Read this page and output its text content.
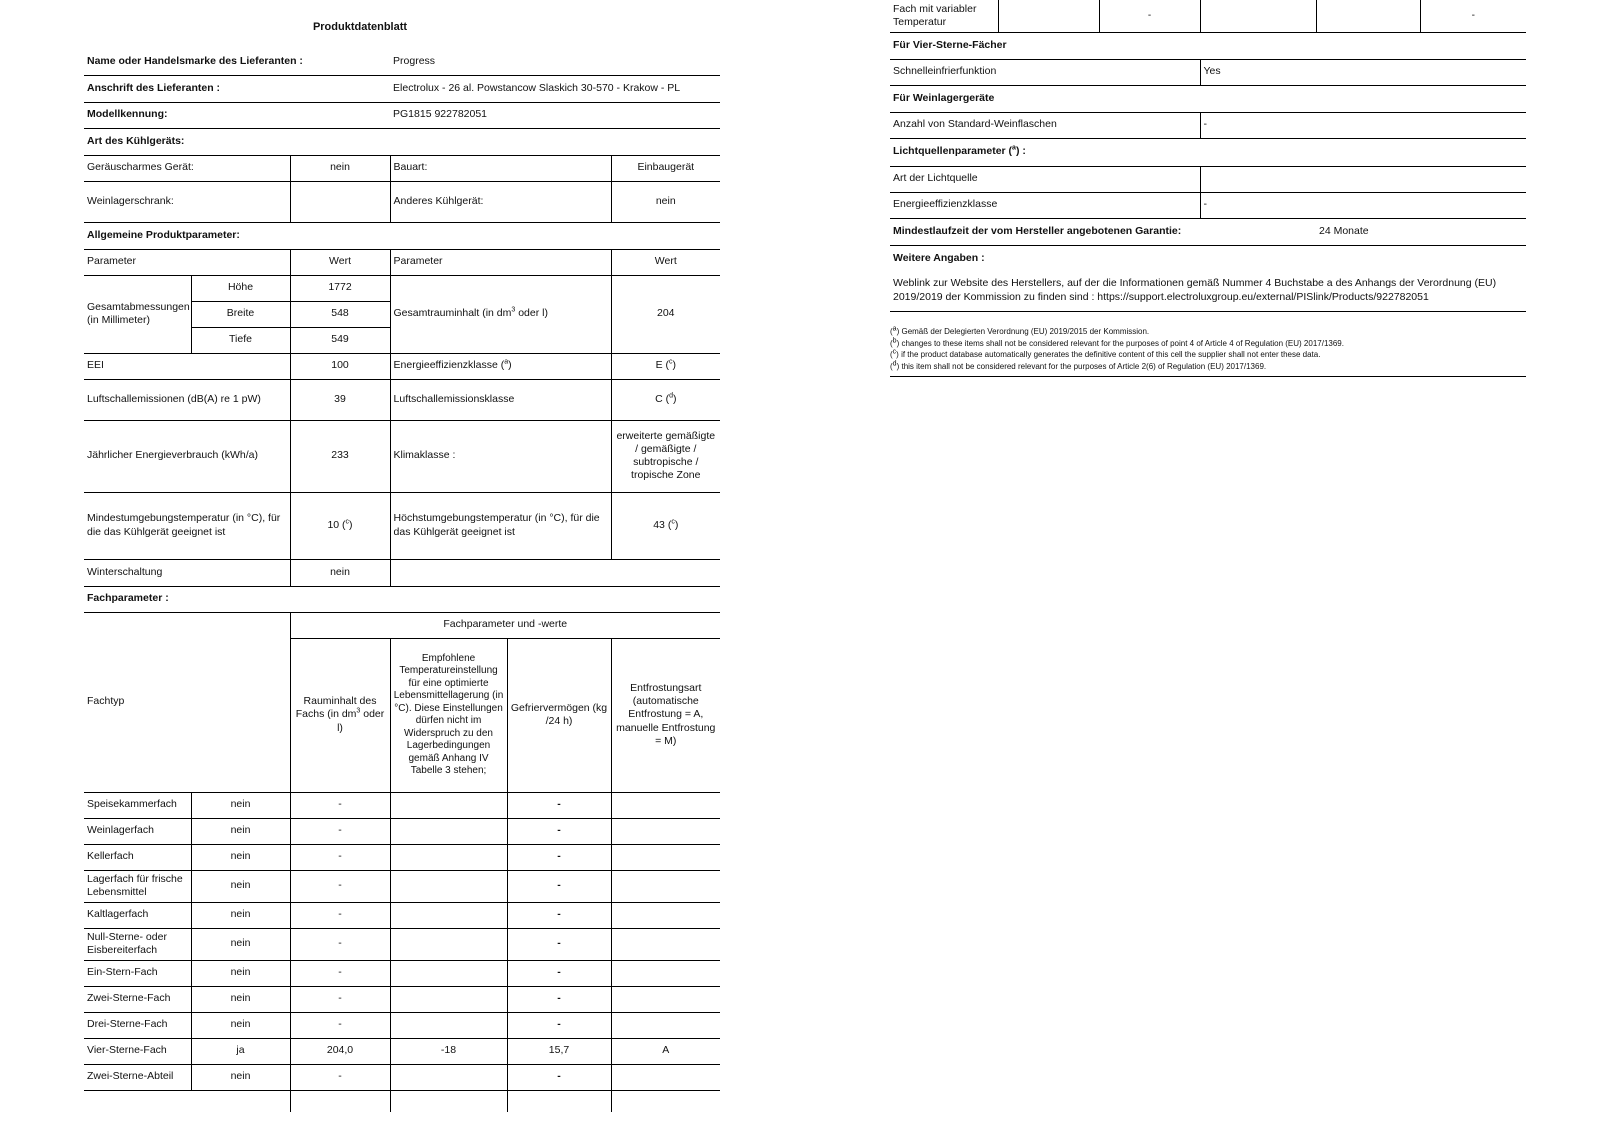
Produktdatenblatt
Name oder Handelsmarke des Lieferanten :			Progress		
Anschrift des Lieferanten :			Electrolux - 26 al. Powstancow Slaskich 30-570 - Krakow - PL		
Modellkennung:			PG1815 922782051		
Art des Kühlgeräts:					
Geräuscharmes Gerät:		nein	Bauart:		Einbaugerät
Weinlagerschrank:			Anderes Kühlgerät:		nein
Allgemeine Produktparameter:					
Parameter		Wert	Parameter		Wert
Gesamtabmessungen
(in Millimeter)	Höhe	1772	Gesamtrauminhalt (in $dm^3$ oder l)		204
	Breite	548			
	Tiefe	549			
EEI		100	Energieeffizienzklasse ($^a$)		E ($^c$)
Luftschallemissionen (dB(A) re 1 pW)		39	Luftschallemissionsklasse		C ($^d$)
Jährlicher Energieverbrauch (kWh/a)		233	Klimaklasse :		erweiterte gemäßigte / gemäßigte / subtropische / tropische Zone
Mindestumgebungstemperatur (in °C), für die das Kühlgerät geeignet ist		10 ($^c$)	Höchstumgebungstemperatur (in °C), für die das Kühlgerät geeignet ist		43 ($^c$)
Winterschaltung		nein			
Fachparameter :					
Fachtyp		Fachparameter und -werte			
		Rauminhalt des Fachs (in $dm^3$ oder l)	Empfohlene Temperatureinstellung für eine optimierte Lebensmittellagerung (in °C). Diese Einstellungen dürfen nicht im Widerspruch zu den Lagerbedingungen gemäß Anhang IV Tabelle 3 stehen;	Gefriervermögen (kg /24 h)	Entfrostungsart (automatische Entfrostung = A, manuelle Entfrostung = M)
Speisekammerfach	nein	-		-	
Weinlagerfach	nein	-		-	
Kellerfach	nein	-		-	
Lagerfach für frische Lebensmittel	nein	-		-	
Kaltlagerfach	nein	-		-	
Null-Sterne- oder Eisbereiterfach	nein	-		-	
Ein-Stern-Fach	nein	-		-	
Zwei-Sterne-Fach	nein	-		-	
Drei-Sterne-Fach	nein	-		-	
Vier-Sterne-Fach	ja	204,0	-18	15,7	A
Zwei-Sterne-Abteil	nein	-		-	

Fach mit variabler Temperatur		-			-
Für Vier-Sterne-Fächer					
Schnelleinfrierfunktion			Yes		
Für Weinlagergeräte					
Anzahl von Standard-Weinflaschen			-		
Lichtquellenparameter ($^a$) :					
Art der Lichtquelle					
Energieeffizienzklasse			-		
Mindestlaufzeit der vom Hersteller angebotenen Garantie:				24 Monate	
Weitere Angaben :					
Weblink zur Website des Herstellers, auf der die Informationen gemäß Nummer 4 Buchstabe a des Anhangs der Verordnung (EU) 2019/2019 der Kommission zu finden sind : https://support.electroluxgroup.eu/external/PISlink/Products/922782051					
($^a$) Gemäß der Delegierten Verordnung (EU) 2019/2015 der Kommission.
($^b$) changes to these items shall not be considered relevant for the purposes of point 4 of Article 4 of Regulation (EU) 2017/1369.
($^c$) if the product database automatically generates the definitive content of this cell the supplier shall not enter these data.
($^d$) this item shall not be considered relevant for the purposes of Article 2(6) of Regulation (EU) 2017/1369.
